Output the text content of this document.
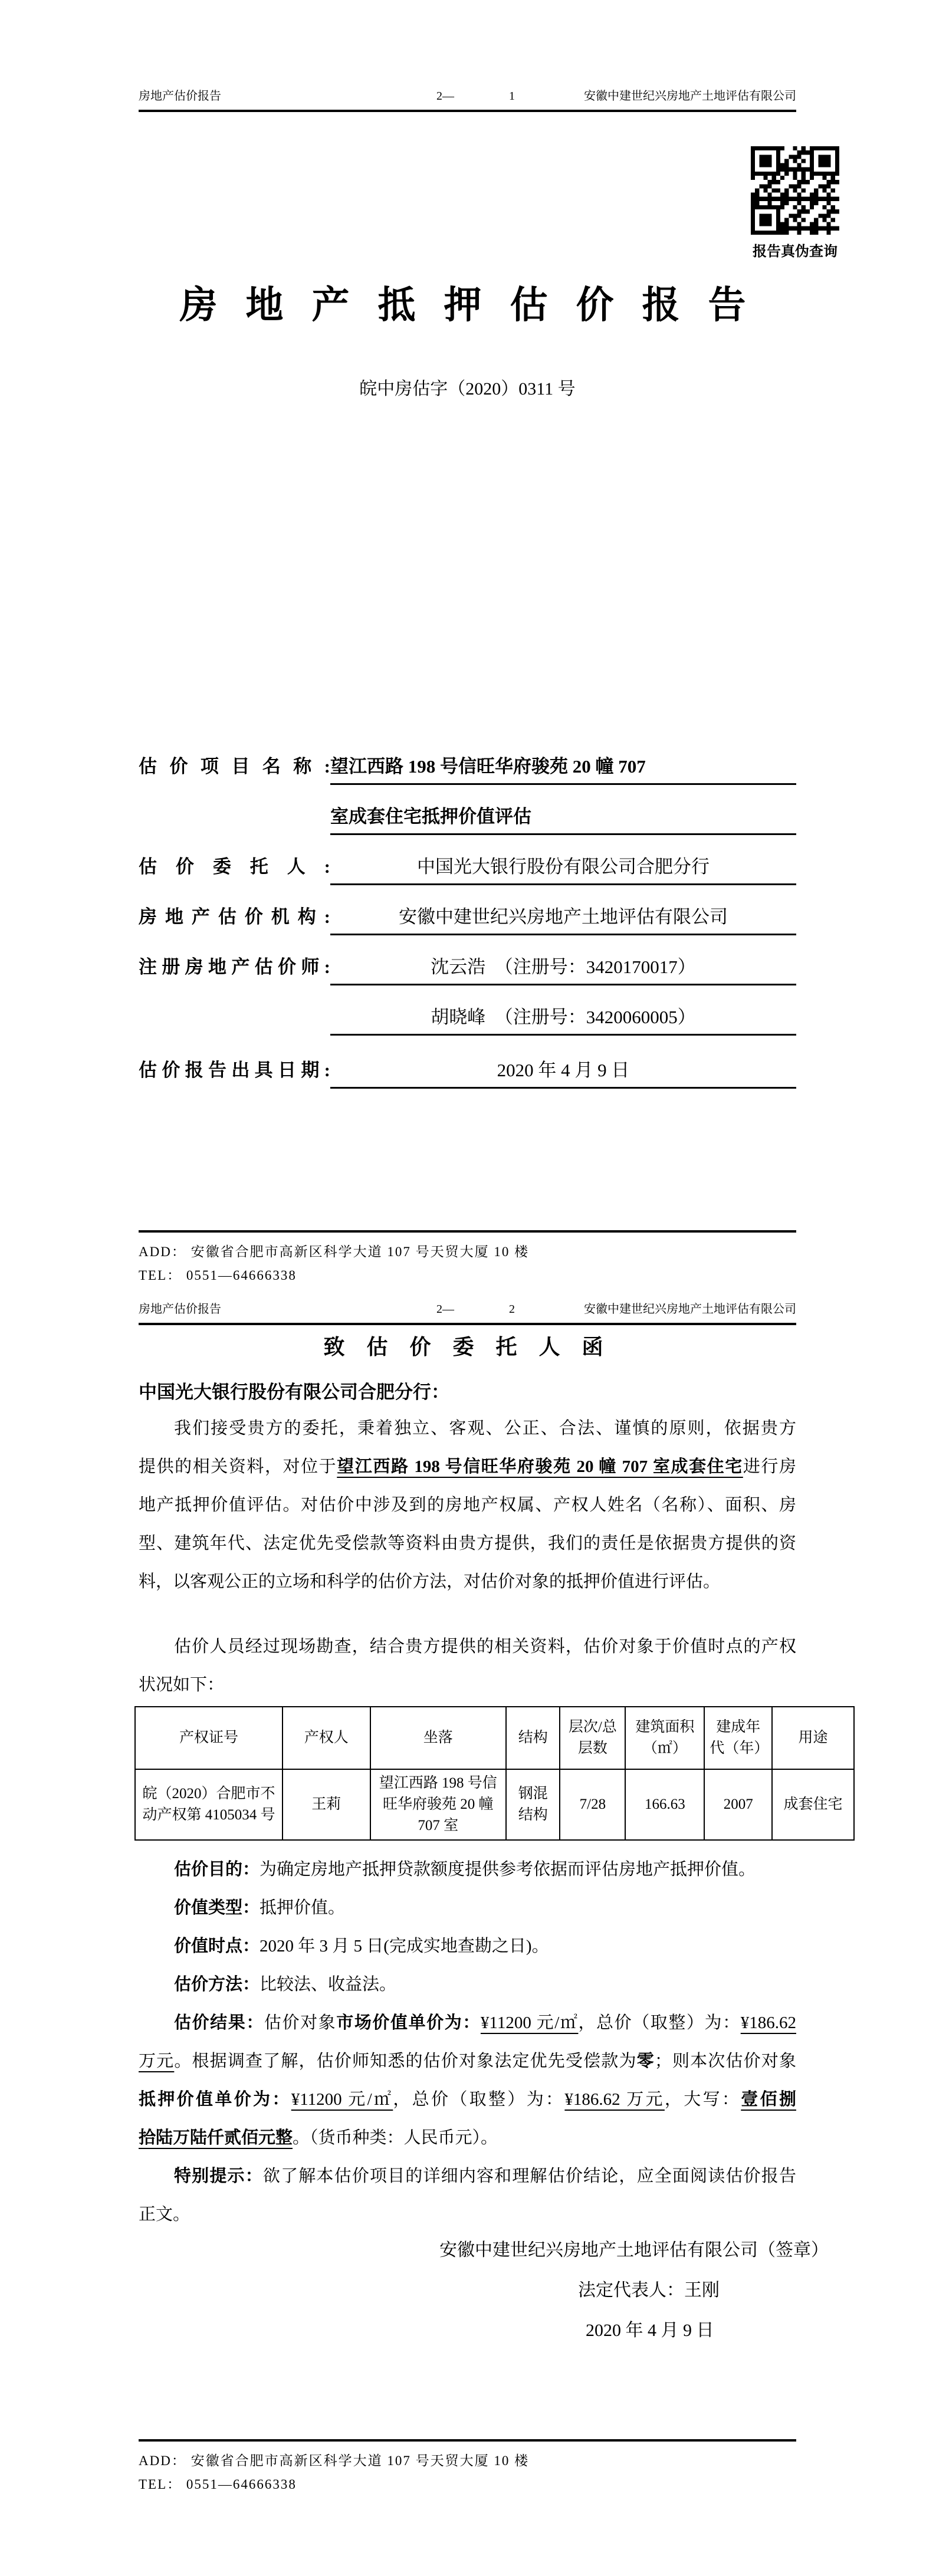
房地产估价报告	2—	1	安徽中建世纪兴房地产土地评估有限公司
报告真伪查询
房 地 产 抵 押 估 价 报 告
皖中房估字（2020）0311 号
估价项目名称: 望江西路 198 号信旺华府骏苑 20 幢 707
室成套住宅抵押价值评估
估价委托人:	中国光大银行股份有限公司合肥分行
房地产估价机构:	安徽中建世纪兴房地产土地评估有限公司
注册房地产估价师:	沈云浩　（注册号：3420170017）
胡晓峰　（注册号：3420060005）
估价报告出具日期:	2020 年 4 月 9 日
ADD： 安徽省合肥市高新区科学大道 107 号天贸大厦 10 楼
TEL： 0551—64666338
房地产估价报告	2—	2	安徽中建世纪兴房地产土地评估有限公司
致 估 价 委 托 人 函
中国光大银行股份有限公司合肥分行：
我们接受贵方的委托，秉着独立、客观、公正、合法、谨慎的原则，依据贵方
提供的相关资料，对位于望江西路 198 号信旺华府骏苑 20 幢 707 室成套住宅进行房
地产抵押价值评估。对估价中涉及到的房地产权属、产权人姓名（名称）、面积、房
型、建筑年代、法定优先受偿款等资料由贵方提供，我们的责任是依据贵方提供的资
料，以客观公正的立场和科学的估价方法，对估价对象的抵押价值进行评估。
估价人员经过现场勘查，结合贵方提供的相关资料，估价对象于价值时点的产权
状况如下：
产权证号	产权人	坐落	结构	层次/总层数	建筑面积（㎡）	建成年代（年）	用途
皖（2020）合肥市不动产权第 4105034 号	王莉	望江西路 198 号信旺华府骏苑 20 幢 707 室	钢混结构	7/28	166.63	2007	成套住宅
估价目的：为确定房地产抵押贷款额度提供参考依据而评估房地产抵押价值。
价值类型：抵押价值。
价值时点：2020 年 3 月 5 日(完成实地查勘之日)。
估价方法：比较法、收益法。
估价结果：估价对象市场价值单价为：¥11200 元/㎡，总价（取整）为：¥186.62
万元。根据调查了解，估价师知悉的估价对象法定优先受偿款为零；则本次估价对象
抵押价值单价为：¥11200 元/㎡，总价（取整）为：¥186.62 万元，大写：壹佰捌
拾陆万陆仟贰佰元整。（货币种类：人民币元）。
特别提示：欲了解本估价项目的详细内容和理解估价结论，应全面阅读估价报告
正文。
安徽中建世纪兴房地产土地评估有限公司（签章）
法定代表人：王刚
2020 年 4 月 9 日
ADD： 安徽省合肥市高新区科学大道 107 号天贸大厦 10 楼
TEL： 0551—64666338
